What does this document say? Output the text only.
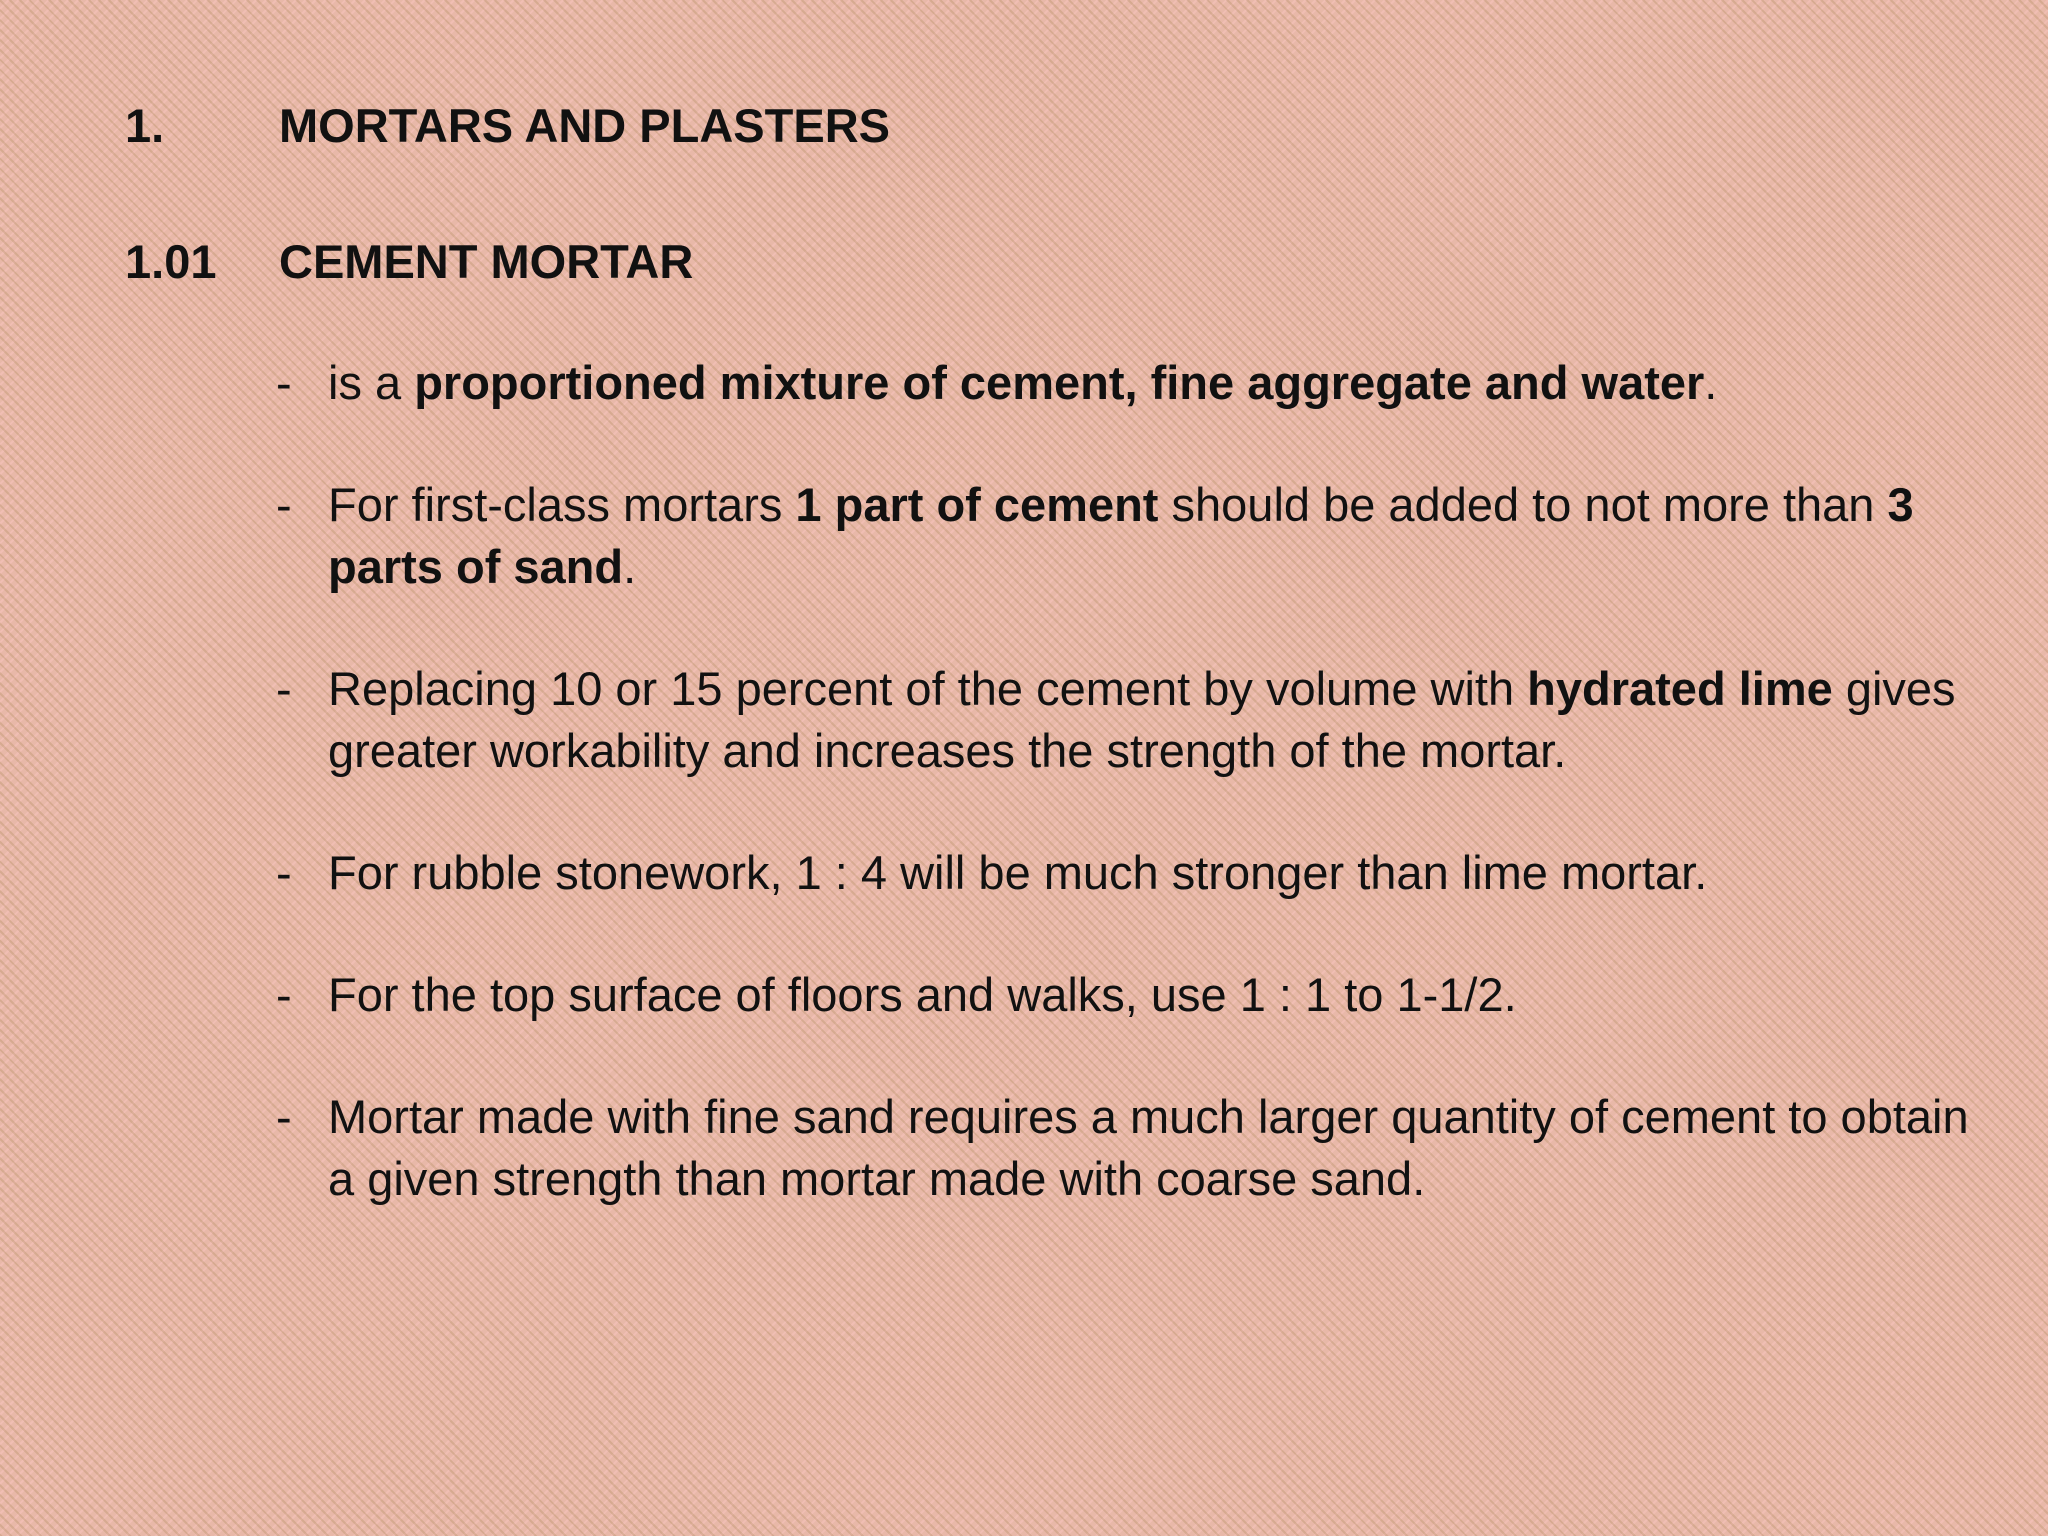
1. MORTARS AND PLASTERS
1.01 CEMENT MORTAR
- is a proportioned mixture of cement, fine aggregate and water.
- For first-class mortars 1 part of cement should be added to not more than 3 parts of sand.
- Replacing 10 or 15 percent of the cement by volume with hydrated lime gives greater workability and increases the strength of the mortar.
- For rubble stonework, 1 : 4 will be much stronger than lime mortar.
- For the top surface of floors and walks, use 1 : 1 to 1-1/2.
- Mortar made with fine sand requires a much larger quantity of cement to obtain a given strength than mortar made with coarse sand.
